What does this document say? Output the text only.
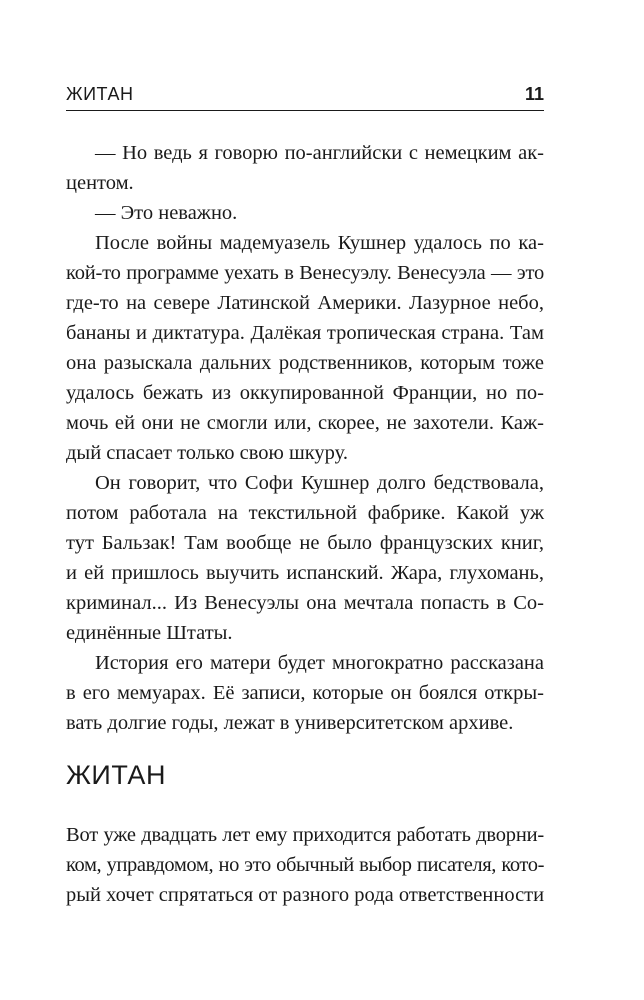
ЖИТАН	11
— Но ведь я говорю по-английски с немецким ак-
центом.
— Это неважно.
После войны мадемуазель Кушнер удалось по ка-
кой-то программе уехать в Венесуэлу. Венесуэла — это
где-то на севере Латинской Америки. Лазурное небо,
бананы и диктатура. Далёкая тропическая страна. Там
она разыскала дальних родственников, которым тоже
удалось бежать из оккупированной Франции, но по-
мочь ей они не смогли или, скорее, не захотели. Каж-
дый спасает только свою шкуру.
Он говорит, что Софи Кушнер долго бедствовала,
потом работала на текстильной фабрике. Какой уж
тут Бальзак! Там вообще не было французских книг,
и ей пришлось выучить испанский. Жара, глухомань,
криминал... Из Венесуэлы она мечтала попасть в Со-
единённые Штаты.
История его матери будет многократно рассказана
в его мемуарах. Её записи, которые он боялся откры-
вать долгие годы, лежат в университетском архиве.
ЖИТАН
Вот уже двадцать лет ему приходится работать дворни-
ком, управдомом, но это обычный выбор писателя, кото-
рый хочет спрятаться от разного рода ответственности
